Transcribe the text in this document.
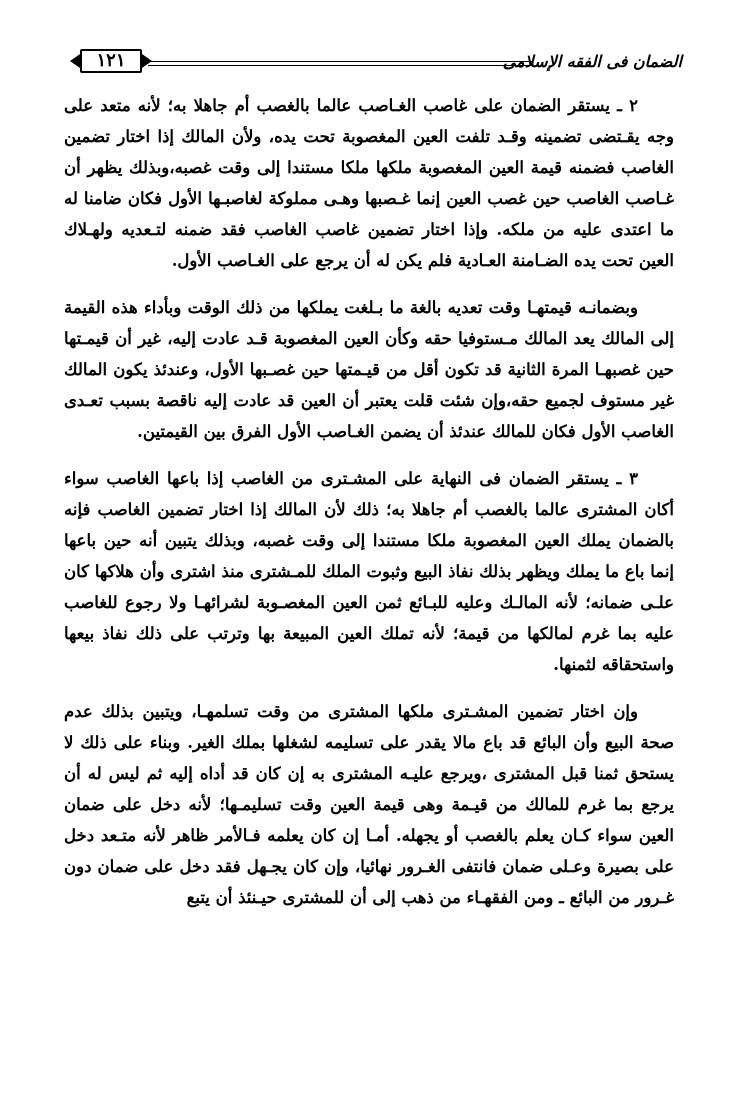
الضمان فى الفقه الإسلامى
١٢١

٢ ـ يستقر الضمان على غاصب الغـاصب عالما بالغصب أم جاهلا به؛ لأنه متعد على وجه يقـتضى تضمينه وقـد تلفت العين المغصوبة تحت يده، ولأن المالك إذا اختار تضمين الغاصب فضمنه قيمة العين المغصوبة ملكها ملكا مستندا إلى وقت غصبه،وبذلك يظهر أن غـاصب الغاصب حين غصب العين إنما غـصبها وهـى مملوكة لغاصبـها الأول فكان ضامنا له ما اعتدى عليه من ملكه. وإذا اختار تضمين غاصب الغاصب فقد ضمنه لتـعديه ولهـلاك العين تحت يده الضـامنة العـادية فلم يكن له أن يرجع على الغـاصب الأول.

وبضمانـه قيمتهـا وقت تعديه بالغة ما بـلغت يملكها من ذلك الوقت وبأداء هذه القيمة إلى المالك يعد المالك مـستوفيا حقه وكأن العين المغصوبة قـد عادت إليه، غير أن قيمـتها حين غصبهـا المرة الثانية قد تكون أقل من قيـمتها حين غصـبها الأول، وعندئذ يكون المالك غير مستوف لجميع حقه،وإن شئت قلت يعتبر أن العين قد عادت إليه ناقصة بسبب تعـدى الغاصب الأول فكان للمالك عندئذ أن يضمن الغـاصب الأول الفرق بين القيمتين.

٣ ـ يستقر الضمان فى النهاية على المشـترى من الغاصب إذا باعها الغاصب سواء أكان المشترى عالما بالغصب أم جاهلا به؛ ذلك لأن المالك إذا اختار تضمين الغاصب فإنه بالضمان يملك العين المغصوبة ملكا مستندا إلى وقت غصبه، وبذلك يتبين أنه حين باعها إنما باع ما يملك ويظهر بذلك نفاذ البيع وثبوت الملك للمـشترى منذ اشترى وأن هلاكها كان علـى ضمانه؛ لأنه المالـك وعليه للبـائع ثمن العين المغصـوبة لشرائهـا ولا رجوع للغاصب عليه بما غرم لمالكها من قيمة؛ لأنه تملك العين المبيعة بها وترتب على ذلك نفاذ بيعها واستحقاقه لثمنها.

وإن اختار تضمين المشـترى ملكها المشترى من وقت تسلمهـا، ويتبين بذلك عدم صحة البيع وأن البائع قد باع مالا يقدر على تسليمه لشغلها بملك الغير. وبناء على ذلك لا يستحق ثمنا قبل المشترى ،ويرجع عليـه المشترى به إن كان قد أداه إليه ثم ليس له أن يرجع بما غرم للمالك من قيـمة وهى قيمة العين وقت تسليمـها؛ لأنه دخل على ضمان العين سواء كـان يعلم بالغصب أو يجهله. أمـا إن كان يعلمه فـالأمر ظاهر لأنه متـعد دخل على بصيرة وعـلى ضمان فانتفى الغـرور نهائيا، وإن كان يجـهل فقد دخل على ضمان دون غـرور من البائع ـ ومن الفقهـاء من ذهب إلى أن للمشترى حيـنئذ أن يتبع
